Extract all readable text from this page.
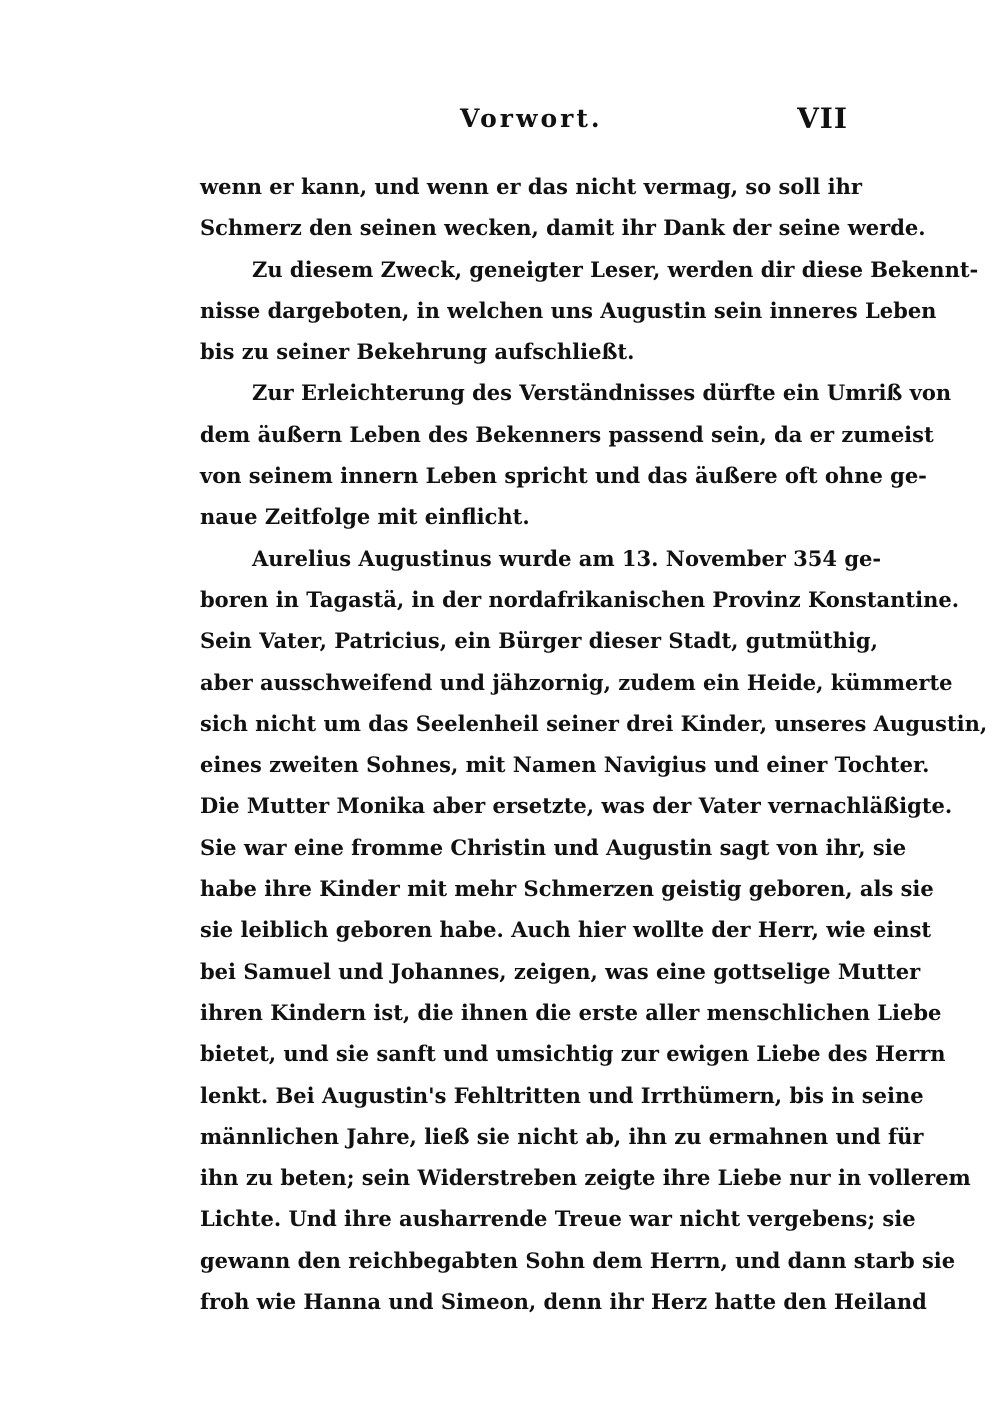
Vorwort.	VII
wenn er kann, und wenn er das nicht vermag, so soll ihr
Schmerz den seinen wecken, damit ihr Dank der seine werde.
Zu diesem Zweck, geneigter Leser, werden dir diese Bekennt-
nisse dargeboten, in welchen uns Augustin sein inneres Leben
bis zu seiner Bekehrung aufschließt.
Zur Erleichterung des Verständnisses dürfte ein Umriß von
dem äußern Leben des Bekenners passend sein, da er zumeist
von seinem innern Leben spricht und das äußere oft ohne ge-
naue Zeitfolge mit einflicht.
Aurelius Augustinus wurde am 13. November 354 ge-
boren in Tagastä, in der nordafrikanischen Provinz Konstantine.
Sein Vater, Patricius, ein Bürger dieser Stadt, gutmüthig,
aber ausschweifend und jähzornig, zudem ein Heide, kümmerte
sich nicht um das Seelenheil seiner drei Kinder, unseres Augustin,
eines zweiten Sohnes, mit Namen Navigius und einer Tochter.
Die Mutter Monika aber ersetzte, was der Vater vernachläßigte.
Sie war eine fromme Christin und Augustin sagt von ihr, sie
habe ihre Kinder mit mehr Schmerzen geistig geboren, als sie
sie leiblich geboren habe. Auch hier wollte der Herr, wie einst
bei Samuel und Johannes, zeigen, was eine gottselige Mutter
ihren Kindern ist, die ihnen die erste aller menschlichen Liebe
bietet, und sie sanft und umsichtig zur ewigen Liebe des Herrn
lenkt. Bei Augustin's Fehltritten und Irrthümern, bis in seine
männlichen Jahre, ließ sie nicht ab, ihn zu ermahnen und für
ihn zu beten; sein Widerstreben zeigte ihre Liebe nur in vollerem
Lichte. Und ihre ausharrende Treue war nicht vergebens; sie
gewann den reichbegabten Sohn dem Herrn, und dann starb sie
froh wie Hanna und Simeon, denn ihr Herz hatte den Heiland
